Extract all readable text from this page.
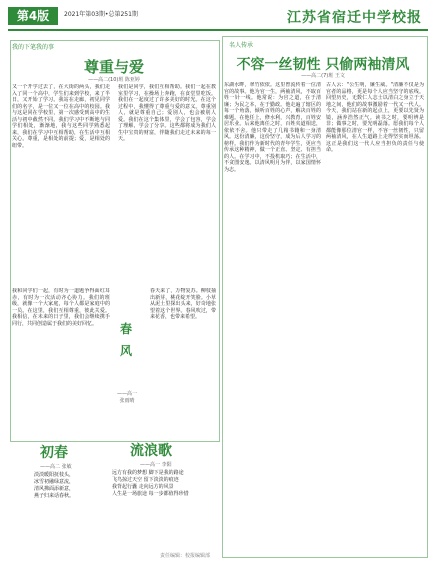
第4版	2021年第03期•总第251期	江苏省宿迁中学校报
我的下笔我的事
尊重与爱
——高二(10)班 陈亚婷
又一个开学过去了，在大街的两头，我们走入了同一个高中，学生们来到学校，来了半日，又开始了学习。我站在走廊，初见同学们的名字，是一位又一位在高中的校园。我与这是同在学校里，第一次感受到高中的生活与初中截然不同。我们学习中不断地与同学们相处，渐渐地，我与这些同学熟悉起来，我们在学习中互相帮助，在生活中互相关心。尊重，是相处的前提；爱，是相处的纽带。
我们是同学，我们互相帮助。我们一起在教室里学习，在操场上奔跑，在食堂里吃饭。我们在一起度过了许多美好的时光。在这个过程中，我懂得了尊重与爱的意义。尊重别人，就是尊重自己；爱别人，也会被别人爱。我们在这个集体里，学会了包容，学会了理解，学会了分享。这些都将成为我们人生中宝贵的财富，伴随我们走过未来的每一天。
我和同学们一起，有时为一道题争得面红耳赤，有时为一次活动齐心协力。我们的班级，就像一个大家庭，每个人都是家庭中的一员。在这里，我们互相尊重，彼此关爱。我相信，在未来的日子里，我们会继续携手同行，共同创造属于我们的美好回忆。	春风
——高一 张雨晴
春天来了，万物复苏。柳枝抽出新芽，桃花绽开笑脸。小草从泥土里探出头来，好奇地张望着这个世界。春风吹过，带来花香，也带来希望。
初春
——高二 张敏
淡淡暖阳抚枝头，
冰雪初融绿意流，
清风拂面添新意，
燕子归来话春秋。
流浪歌
——高一 李阳
远方有我的梦想 脚下是我的路途
飞鸟掠过天空 留下淡淡的痕迹
我背起行囊 走向远方的风景
人生是一场旅途 每一步都值得珍惜
名人传承
不容一丝韧性 只偷两袖清风
——高二(7)班 王文
东湖水畔，翠竹依依。这里曾流传着一位清官的故事。他为官一生，两袖清风，不取百姓一针一线。他常说：为官之道，在于清廉；为民之本，在于勤政。他走遍了辖区的每一个角落，倾听百姓的心声，解决百姓的难题。在他任上，修水利，兴教育，百姓安居乐业。后来他离任之时，百姓夹道相送，依依不舍。他只带走了几箱书籍和一身清风。这份清廉，这份坚守，成为后人学习的榜样。我们作为新时代的青年学生，更应当传承这种精神，做一个正直、坚定、有担当的人。在学习中，不投机取巧；在生活中，不贪图安逸。以清风明月为伴，以家国情怀为志。
古人云："公生明，廉生威。"清廉不仅是为官者的品格，更是每个人应当坚守的底线。回望历史，无数仁人志士以清白之身立于天地之间，他们的故事激励着一代又一代人。今天，我们站在新的起点上，更要以先贤为镜，涵养浩然正气。读书之时，要明辨是非；做事之时，要光明磊落。愿我们每个人都能像那位清官一样，不容一丝韧性，只留两袖清风，在人生道路上走得坚实而坦荡。这正是我们这一代人应当担负的责任与使命。
责任编辑：校报编辑部
